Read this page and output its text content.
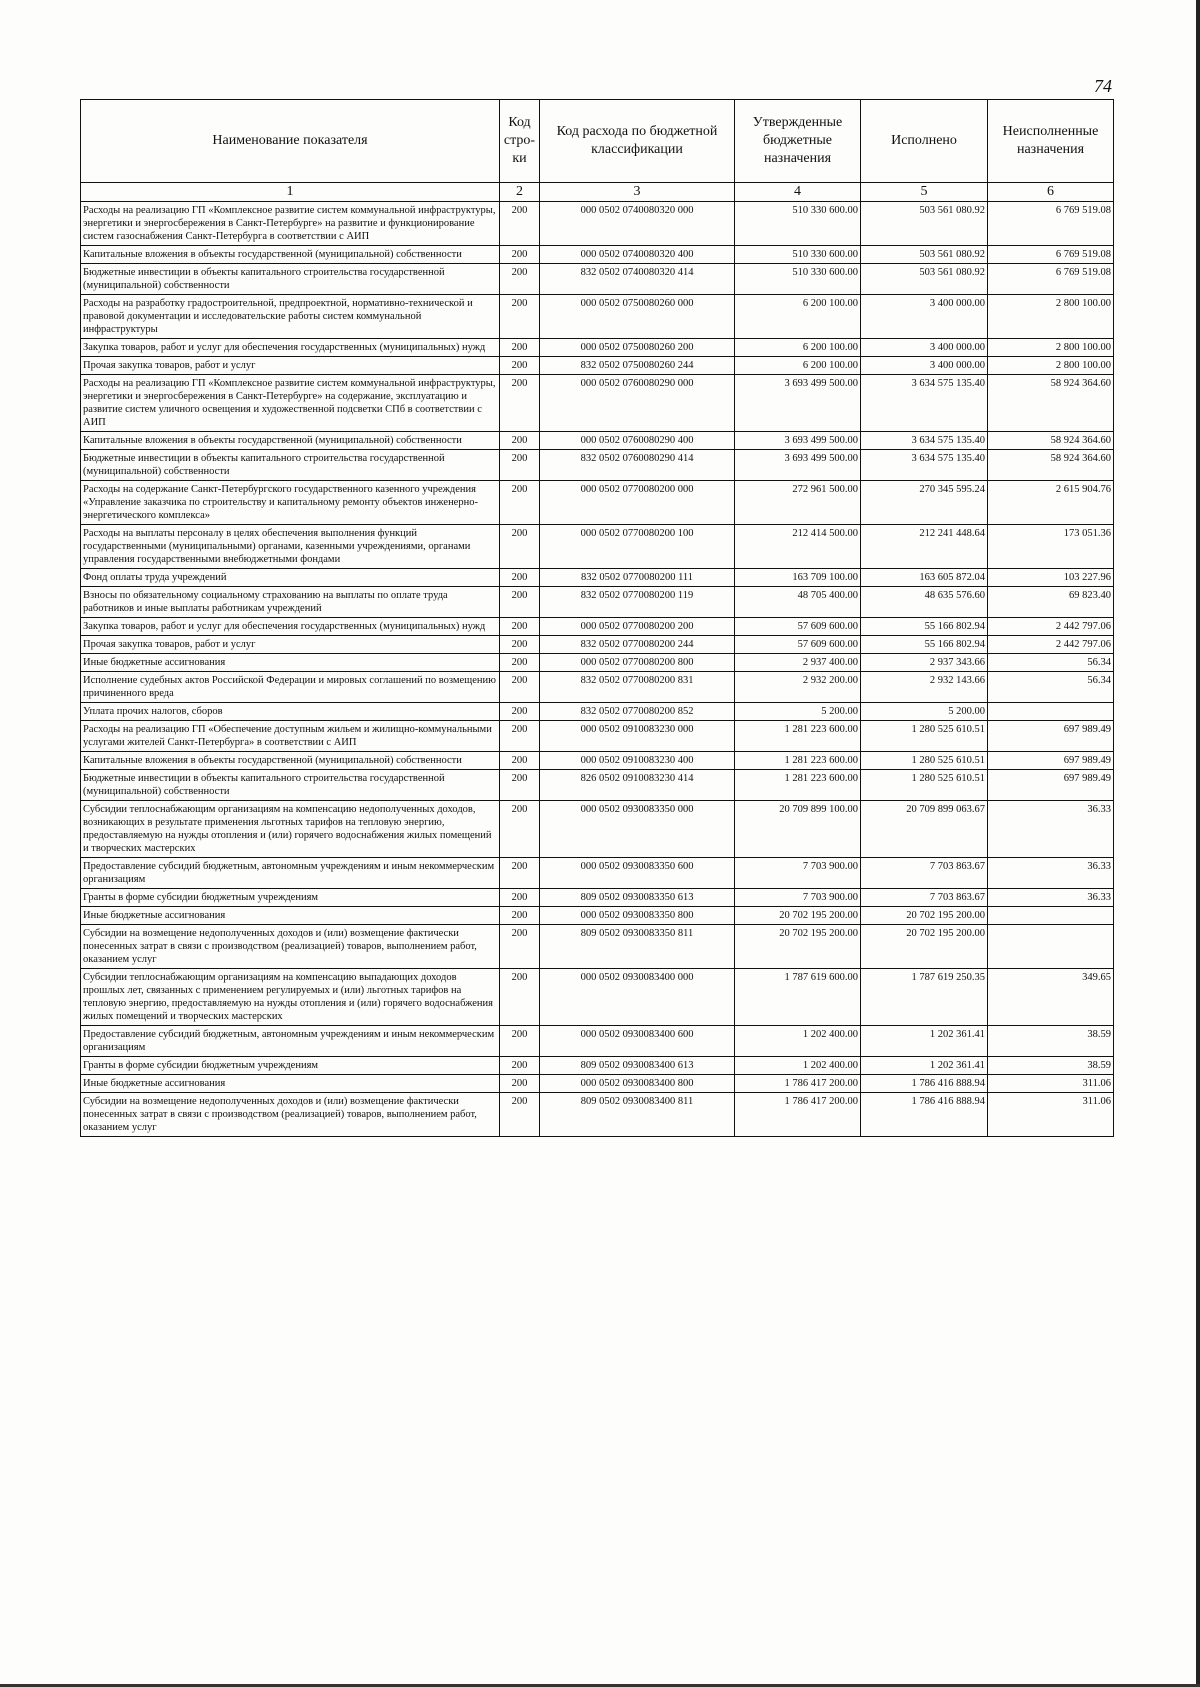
74
Наименование показателя	Код стро-ки	Код расхода по бюджетной классификации	Утвержденные бюджетные назначения	Исполнено	Неисполненные назначения
1	2	3	4	5	6
Расходы на реализацию ГП «Комплексное развитие систем коммунальной инфраструктуры, энергетики и энергосбережения в Санкт-Петербурге» на развитие и функционирование систем газоснабжения Санкт-Петербурга в соответствии с АИП	200	000 0502 0740080320 000	510 330 600.00	503 561 080.92	6 769 519.08
Капитальные вложения в объекты государственной (муниципальной) собственности	200	000 0502 0740080320 400	510 330 600.00	503 561 080.92	6 769 519.08
Бюджетные инвестиции в объекты капитального строительства государственной (муниципальной) собственности	200	832 0502 0740080320 414	510 330 600.00	503 561 080.92	6 769 519.08
Расходы на разработку градостроительной, предпроектной, нормативно-технической и правовой документации и исследовательские работы систем коммунальной инфраструктуры	200	000 0502 0750080260 000	6 200 100.00	3 400 000.00	2 800 100.00
Закупка товаров, работ и услуг для обеспечения государственных (муниципальных) нужд	200	000 0502 0750080260 200	6 200 100.00	3 400 000.00	2 800 100.00
Прочая закупка товаров, работ и услуг	200	832 0502 0750080260 244	6 200 100.00	3 400 000.00	2 800 100.00
Расходы на реализацию ГП «Комплексное развитие систем коммунальной инфраструктуры, энергетики и энергосбережения в Санкт-Петербурге» на содержание, эксплуатацию и развитие систем уличного освещения и художественной подсветки СПб в соответствии с АИП	200	000 0502 0760080290 000	3 693 499 500.00	3 634 575 135.40	58 924 364.60
Капитальные вложения в объекты государственной (муниципальной) собственности	200	000 0502 0760080290 400	3 693 499 500.00	3 634 575 135.40	58 924 364.60
Бюджетные инвестиции в объекты капитального строительства государственной (муниципальной) собственности	200	832 0502 0760080290 414	3 693 499 500.00	3 634 575 135.40	58 924 364.60
Расходы на содержание Санкт-Петербургского государственного казенного учреждения «Управление заказчика по строительству и капитальному ремонту объектов инженерно-энергетического комплекса»	200	000 0502 0770080200 000	272 961 500.00	270 345 595.24	2 615 904.76
Расходы на выплаты персоналу в целях обеспечения выполнения функций государственными (муниципальными) органами, казенными учреждениями, органами управления государственными внебюджетными фондами	200	000 0502 0770080200 100	212 414 500.00	212 241 448.64	173 051.36
Фонд оплаты труда учреждений	200	832 0502 0770080200 111	163 709 100.00	163 605 872.04	103 227.96
Взносы по обязательному социальному страхованию на выплаты по оплате труда работников и иные выплаты работникам учреждений	200	832 0502 0770080200 119	48 705 400.00	48 635 576.60	69 823.40
Закупка товаров, работ и услуг для обеспечения государственных (муниципальных) нужд	200	000 0502 0770080200 200	57 609 600.00	55 166 802.94	2 442 797.06
Прочая закупка товаров, работ и услуг	200	832 0502 0770080200 244	57 609 600.00	55 166 802.94	2 442 797.06
Иные бюджетные ассигнования	200	000 0502 0770080200 800	2 937 400.00	2 937 343.66	56.34
Исполнение судебных актов Российской Федерации и мировых соглашений по возмещению причиненного вреда	200	832 0502 0770080200 831	2 932 200.00	2 932 143.66	56.34
Уплата прочих налогов, сборов	200	832 0502 0770080200 852	5 200.00	5 200.00	
Расходы на реализацию ГП «Обеспечение доступным жильем и жилищно-коммунальными услугами жителей Санкт-Петербурга» в соответствии с АИП	200	000 0502 0910083230 000	1 281 223 600.00	1 280 525 610.51	697 989.49
Капитальные вложения в объекты государственной (муниципальной) собственности	200	000 0502 0910083230 400	1 281 223 600.00	1 280 525 610.51	697 989.49
Бюджетные инвестиции в объекты капитального строительства государственной (муниципальной) собственности	200	826 0502 0910083230 414	1 281 223 600.00	1 280 525 610.51	697 989.49
Субсидии теплоснабжающим организациям на компенсацию недополученных доходов, возникающих в результате применения льготных тарифов на тепловую энергию, предоставляемую на нужды отопления и (или) горячего водоснабжения жилых помещений и творческих мастерских	200	000 0502 0930083350 000	20 709 899 100.00	20 709 899 063.67	36.33
Предоставление субсидий бюджетным, автономным учреждениям и иным некоммерческим организациям	200	000 0502 0930083350 600	7 703 900.00	7 703 863.67	36.33
Гранты в форме субсидии бюджетным учреждениям	200	809 0502 0930083350 613	7 703 900.00	7 703 863.67	36.33
Иные бюджетные ассигнования	200	000 0502 0930083350 800	20 702 195 200.00	20 702 195 200.00	
Субсидии на возмещение недополученных доходов и (или) возмещение фактически понесенных затрат в связи с производством (реализацией) товаров, выполнением работ, оказанием услуг	200	809 0502 0930083350 811	20 702 195 200.00	20 702 195 200.00	
Субсидии теплоснабжающим организациям на компенсацию выпадающих доходов прошлых лет, связанных с применением регулируемых и (или) льготных тарифов на тепловую энергию, предоставляемую на нужды отопления и (или) горячего водоснабжения жилых помещений и творческих мастерских	200	000 0502 0930083400 000	1 787 619 600.00	1 787 619 250.35	349.65
Предоставление субсидий бюджетным, автономным учреждениям и иным некоммерческим организациям	200	000 0502 0930083400 600	1 202 400.00	1 202 361.41	38.59
Гранты в форме субсидии бюджетным учреждениям	200	809 0502 0930083400 613	1 202 400.00	1 202 361.41	38.59
Иные бюджетные ассигнования	200	000 0502 0930083400 800	1 786 417 200.00	1 786 416 888.94	311.06
Субсидии на возмещение недополученных доходов и (или) возмещение фактически понесенных затрат в связи с производством (реализацией) товаров, выполнением работ, оказанием услуг	200	809 0502 0930083400 811	1 786 417 200.00	1 786 416 888.94	311.06
